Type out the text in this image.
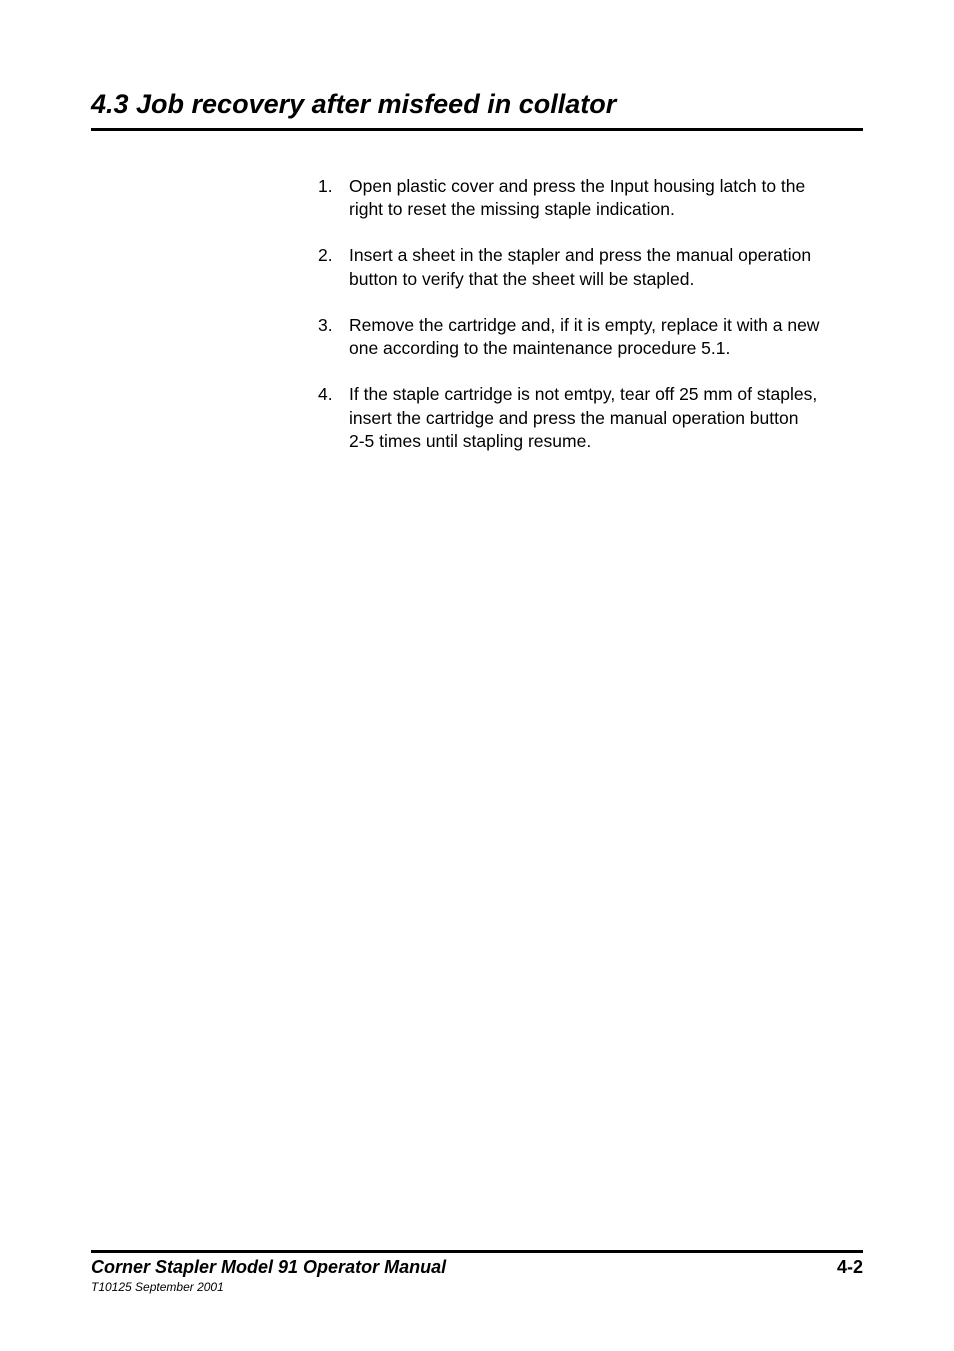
4.3 Job recovery after misfeed in collator
1. Open plastic cover and press the Input housing latch to the
right to reset the missing staple indication.
2. Insert a sheet in the stapler and press the manual operation
button to verify that the sheet will be stapled.
3. Remove the cartridge and, if it is empty, replace it with a new
one according to the maintenance procedure 5.1.
4. If the staple cartridge is not emtpy, tear off 25 mm of staples,
insert the cartridge and press the manual operation button
2-5 times until stapling resume.
Corner Stapler Model 91 Operator Manual	4-2
T10125 September 2001
